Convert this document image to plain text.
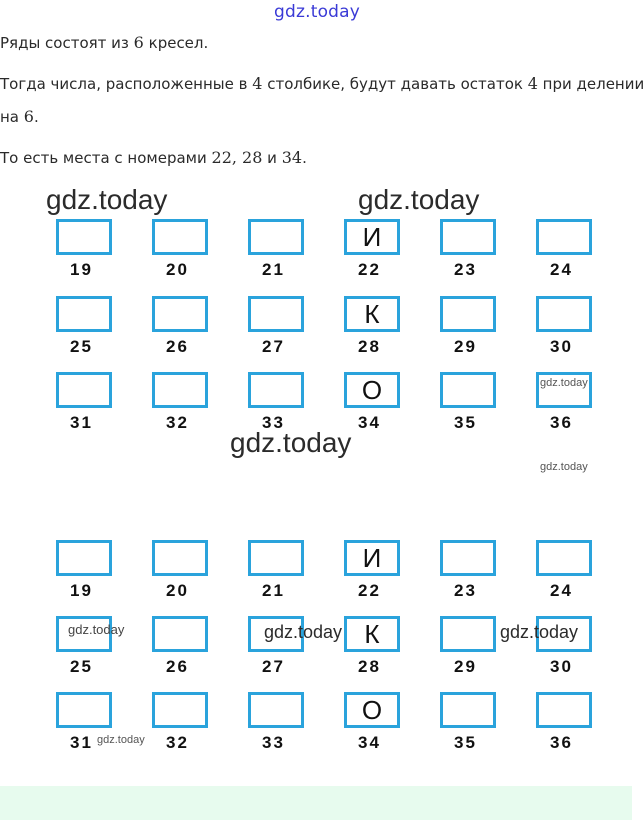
gdz.today
Ряды состоят из 6 кресел.
Тогда числа, расположенные в 4 столбике, будут давать остаток 4 при делении
на 6.
То есть места с номерами 22, 28 и 34.
19	20	21
И
22	23	24
25	26	27
К
28	29	30
31	32	33
О
34	35	36
19	20	21
И
22	23	24
25	26	27
К
28	29	30
31	32	33
О
34	35	36
gdz.today	gdz.today
gdz.today
gdz.today
gdz.today
gdz.today	gdz.today	gdz.today
gdz.today
